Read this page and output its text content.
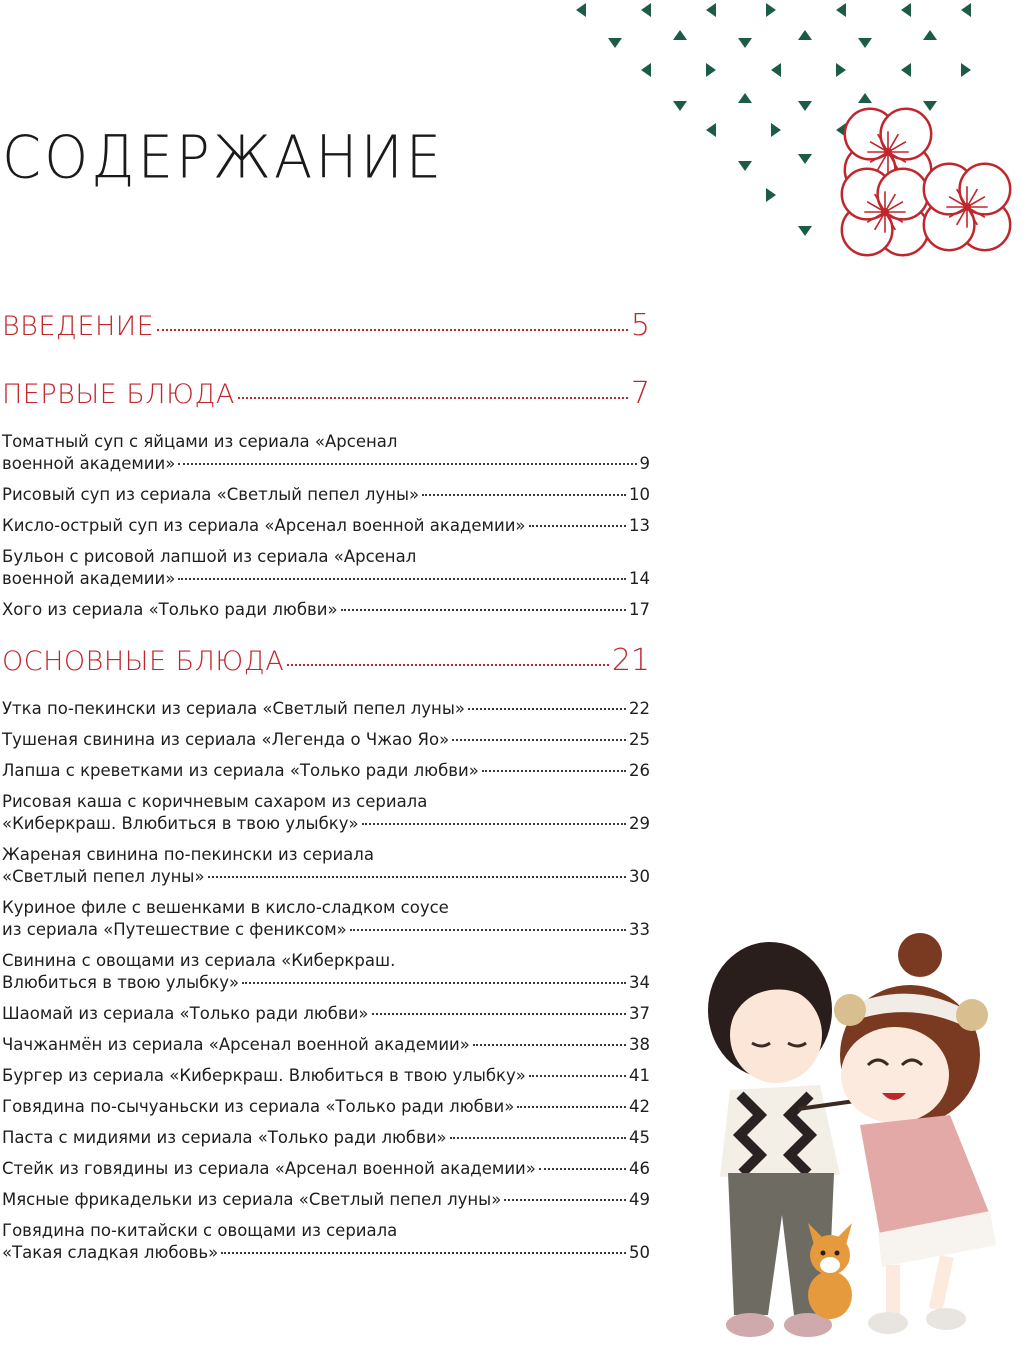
СОДЕРЖАНИЕ
ВВЕДЕНИЕ	5
ПЕРВЫЕ БЛЮДА	7
Томатный суп с яйцами из сериала «Арсенал
военной академии»	9
Рисовый суп из сериала «Светлый пепел луны»	10
Кисло-острый суп из сериала «Арсенал военной академии»	13
Бульон с рисовой лапшой из сериала «Арсенал
военной академии»	14
Хого из сериала «Только ради любви»	17
ОСНОВНЫЕ БЛЮДА	21
Утка по-пекински из сериала «Светлый пепел луны»	22
Тушеная свинина из сериала «Легенда о Чжао Яо»	25
Лапша с креветками из сериала «Только ради любви»	26
Рисовая каша с коричневым сахаром из сериала
«Киберкраш. Влюбиться в твою улыбку»	29
Жареная свинина по-пекински из сериала
«Светлый пепел луны»	30
Куриное филе с вешенками в кисло-сладком соусе
из сериала «Путешествие с фениксом»	33
Свинина с овощами из сериала «Киберкраш.
Влюбиться в твою улыбку»	34
Шаомай из сериала «Только ради любви»	37
Чачжанмён из сериала «Арсенал военной академии»	38
Бургер из сериала «Киберкраш. Влюбиться в твою улыбку»	41
Говядина по-сычуаньски из сериала «Только ради любви»	42
Паста с мидиями из сериала «Только ради любви»	45
Стейк из говядины из сериала «Арсенал военной академии»	46
Мясные фрикадельки из сериала «Светлый пепел луны»	49
Говядина по-китайски с овощами из сериала
«Такая сладкая любовь»	50
